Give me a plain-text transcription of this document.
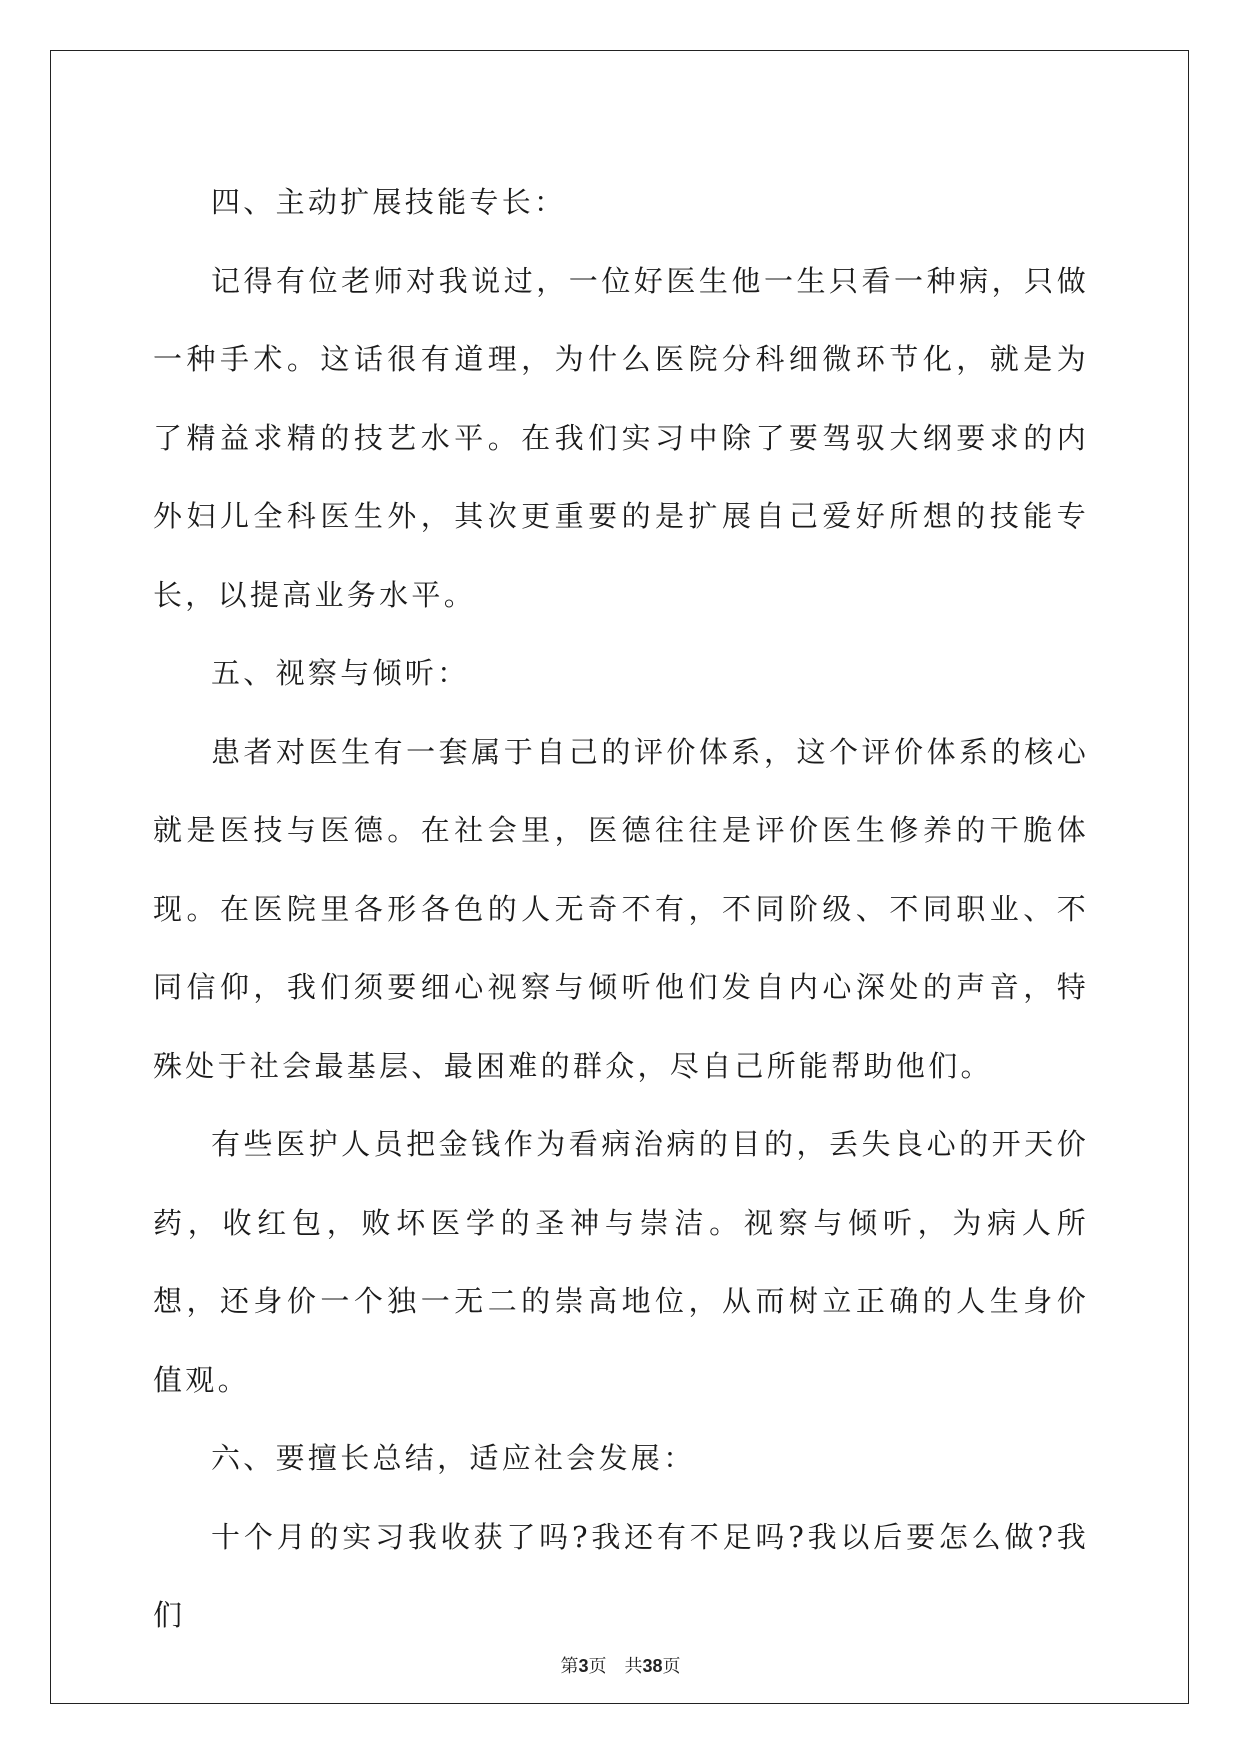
四、主动扩展技能专长：

记得有位老师对我说过，一位好医生他一生只看一种病，只做一种手术。这话很有道理，为什么医院分科细微环节化，就是为了精益求精的技艺水平。在我们实习中除了要驾驭大纲要求的内外妇儿全科医生外，其次更重要的是扩展自己爱好所想的技能专长，以提高业务水平。

五、视察与倾听：

患者对医生有一套属于自己的评价体系，这个评价体系的核心就是医技与医德。在社会里，医德往往是评价医生修养的干脆体现。在医院里各形各色的人无奇不有，不同阶级、不同职业、不同信仰，我们须要细心视察与倾听他们发自内心深处的声音，特殊处于社会最基层、最困难的群众，尽自己所能帮助他们。

有些医护人员把金钱作为看病治病的目的，丢失良心的开天价药，收红包，败坏医学的圣神与崇洁。视察与倾听，为病人所想，还身价一个独一无二的崇高地位，从而树立正确的人生身价值观。

六、要擅长总结，适应社会发展：

十个月的实习我收获了吗?我还有不足吗?我以后要怎么做?我们

第3页 共38页
